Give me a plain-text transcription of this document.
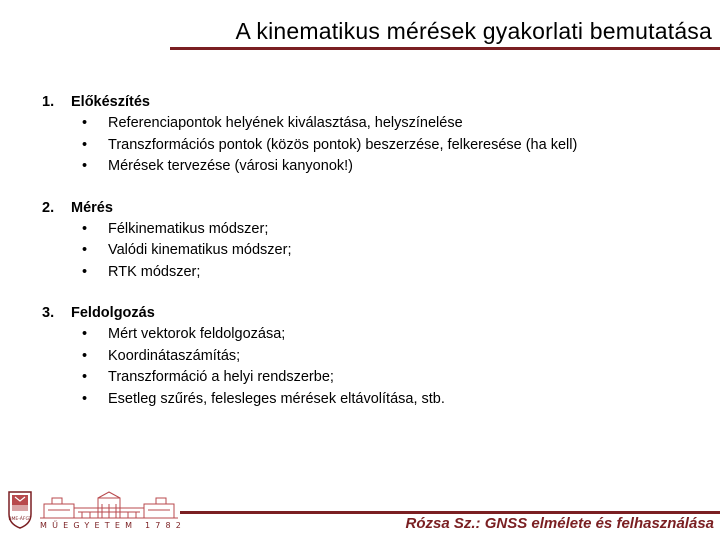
A kinematikus mérések gyakorlati bemutatása
1.	Előkészítés
•	Referenciapontok helyének kiválasztása, helyszínelése
•	Transzformációs pontok (közös pontok) beszerzése, felkeresése (ha kell)
•	Mérések tervezése (városi kanyonok!)
2.	Mérés
•	Félkinematikus módszer;
•	Valódi kinematikus módszer;
•	RTK módszer;
3.	Feldolgozás
•	Mért vektorok feldolgozása;
•	Koordinátaszámítás;
•	Transzformáció a helyi rendszerbe;
•	Esetleg szűrés, felesleges mérések eltávolítása, stb.
BME-ÁFGT
MŰEGYETEM 1782	Rózsa Sz.: GNSS elmélete és felhasználása
